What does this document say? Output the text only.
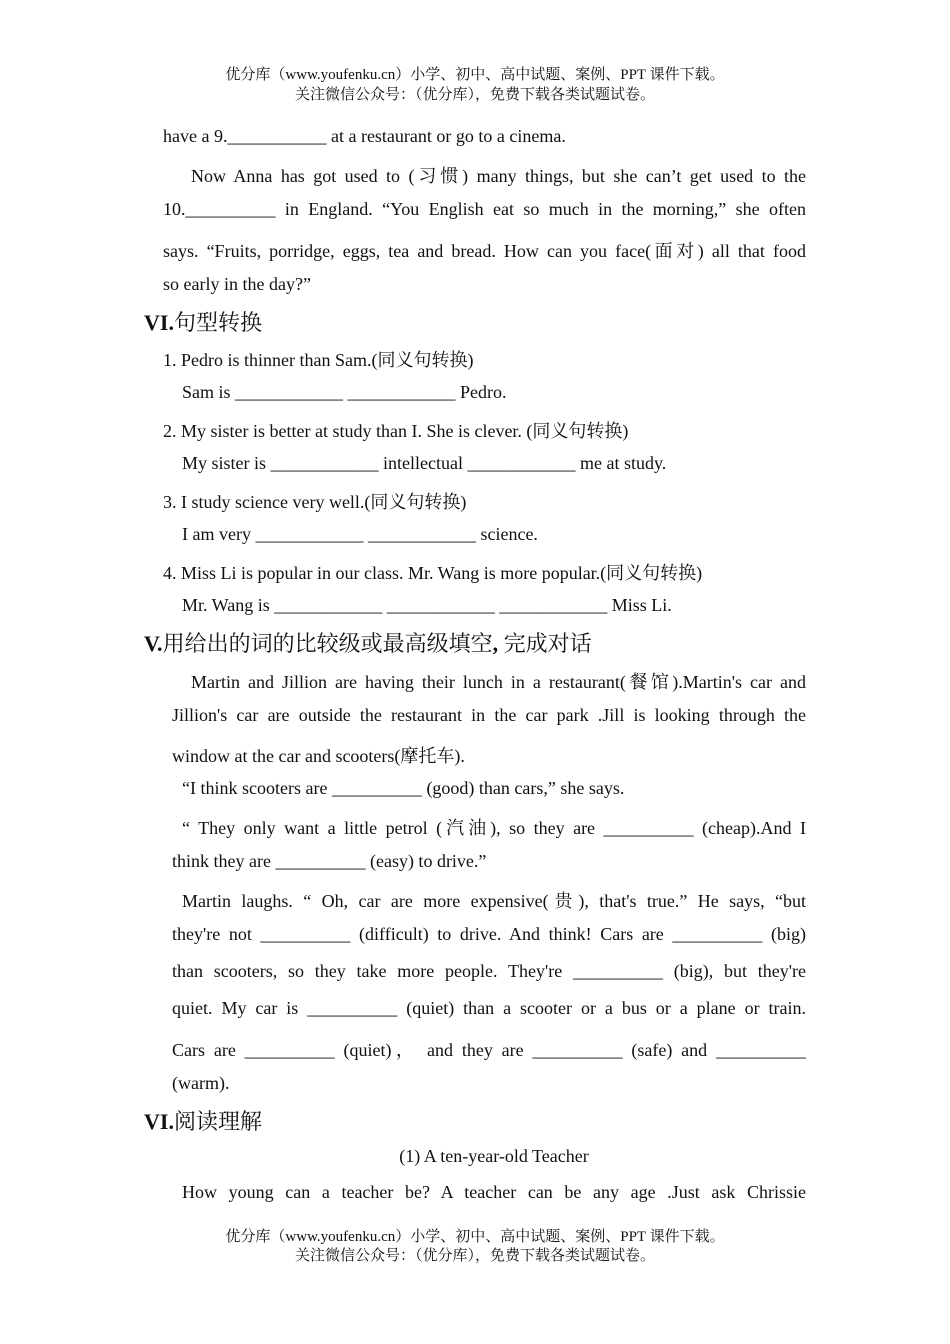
优分库（www.youfenku.cn）小学、初中、高中试题、案例、PPT 课件下载。
关注微信公众号：（优分库），免费下载各类试题试卷。
have a 9.___________ at a restaurant or go to a cinema.
Now Anna has got used to (习惯) many things, but she can’t get used to the
10.__________ in England. “You English eat so much in the morning,” she often
says. “Fruits, porridge, eggs, tea and bread. How can you face(面对) all that food
so early in the day?”
VI.句型转换
1. Pedro is thinner than Sam.(同义句转换)
Sam is ____________ ____________ Pedro.
2. My sister is better at study than I. She is clever. (同义句转换)
My sister is ____________ intellectual ____________ me at study.
3. I study science very well.(同义句转换)
I am very ____________ ____________ science.
4. Miss Li is popular in our class. Mr. Wang is more popular.(同义句转换)
Mr. Wang is ____________ ____________ ____________ Miss Li.
V.用给出的词的比较级或最高级填空, 完成对话
Martin and Jillion are having their lunch in a restaurant(餐馆).Martin's car and
Jillion's car are outside the restaurant in the car park .Jill is looking through the
window at the car and scooters(摩托车).
“I think scooters are __________ (good) than cars,” she says.
“ They only want a little petrol (汽油), so they are __________ (cheap).And I
think they are __________ (easy) to drive.”
Martin laughs. “ Oh, car are more expensive(贵), that's true.” He says, “but
they're not __________ (difficult) to drive. And think! Cars are __________ (big)
than scooters, so they take more people. They're __________ (big), but they're
quiet. My car is __________ (quiet) than a scooter or a bus or a plane or train.
Cars are __________ (quiet)， and they are __________ (safe) and __________
(warm).
VI.阅读理解
(1) A ten-year-old Teacher
How young can a teacher be? A teacher can be any age .Just ask Chrissie
优分库（www.youfenku.cn）小学、初中、高中试题、案例、PPT 课件下载。
关注微信公众号：（优分库），免费下载各类试题试卷。
